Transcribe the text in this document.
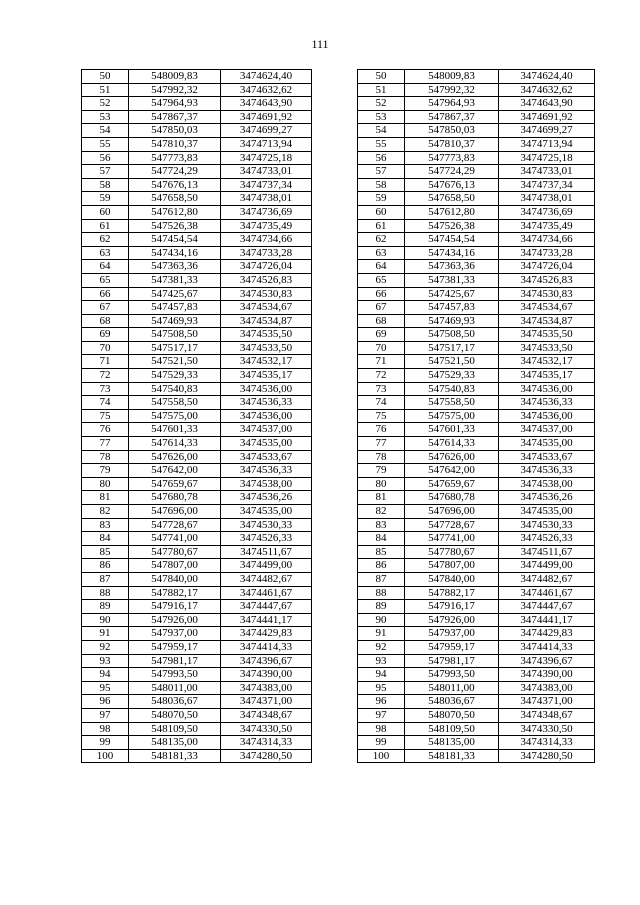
111
50	548009,83	3474624,40
51	547992,32	3474632,62
52	547964,93	3474643,90
53	547867,37	3474691,92
54	547850,03	3474699,27
55	547810,37	3474713,94
56	547773,83	3474725,18
57	547724,29	3474733,01
58	547676,13	3474737,34
59	547658,50	3474738,01
60	547612,80	3474736,69
61	547526,38	3474735,49
62	547454,54	3474734,66
63	547434,16	3474733,28
64	547363,36	3474726,04
65	547381,33	3474526,83
66	547425,67	3474530,83
67	547457,83	3474534,67
68	547469,93	3474534,87
69	547508,50	3474535,50
70	547517,17	3474533,50
71	547521,50	3474532,17
72	547529,33	3474535,17
73	547540,83	3474536,00
74	547558,50	3474536,33
75	547575,00	3474536,00
76	547601,33	3474537,00
77	547614,33	3474535,00
78	547626,00	3474533,67
79	547642,00	3474536,33
80	547659,67	3474538,00
81	547680,78	3474536,26
82	547696,00	3474535,00
83	547728,67	3474530,33
84	547741,00	3474526,33
85	547780,67	3474511,67
86	547807,00	3474499,00
87	547840,00	3474482,67
88	547882,17	3474461,67
89	547916,17	3474447,67
90	547926,00	3474441,17
91	547937,00	3474429,83
92	547959,17	3474414,33
93	547981,17	3474396,67
94	547993,50	3474390,00
95	548011,00	3474383,00
96	548036,67	3474371,00
97	548070,50	3474348,67
98	548109,50	3474330,50
99	548135,00	3474314,33
100	548181,33	3474280,50
50	548009,83	3474624,40
51	547992,32	3474632,62
52	547964,93	3474643,90
53	547867,37	3474691,92
54	547850,03	3474699,27
55	547810,37	3474713,94
56	547773,83	3474725,18
57	547724,29	3474733,01
58	547676,13	3474737,34
59	547658,50	3474738,01
60	547612,80	3474736,69
61	547526,38	3474735,49
62	547454,54	3474734,66
63	547434,16	3474733,28
64	547363,36	3474726,04
65	547381,33	3474526,83
66	547425,67	3474530,83
67	547457,83	3474534,67
68	547469,93	3474534,87
69	547508,50	3474535,50
70	547517,17	3474533,50
71	547521,50	3474532,17
72	547529,33	3474535,17
73	547540,83	3474536,00
74	547558,50	3474536,33
75	547575,00	3474536,00
76	547601,33	3474537,00
77	547614,33	3474535,00
78	547626,00	3474533,67
79	547642,00	3474536,33
80	547659,67	3474538,00
81	547680,78	3474536,26
82	547696,00	3474535,00
83	547728,67	3474530,33
84	547741,00	3474526,33
85	547780,67	3474511,67
86	547807,00	3474499,00
87	547840,00	3474482,67
88	547882,17	3474461,67
89	547916,17	3474447,67
90	547926,00	3474441,17
91	547937,00	3474429,83
92	547959,17	3474414,33
93	547981,17	3474396,67
94	547993,50	3474390,00
95	548011,00	3474383,00
96	548036,67	3474371,00
97	548070,50	3474348,67
98	548109,50	3474330,50
99	548135,00	3474314,33
100	548181,33	3474280,50
